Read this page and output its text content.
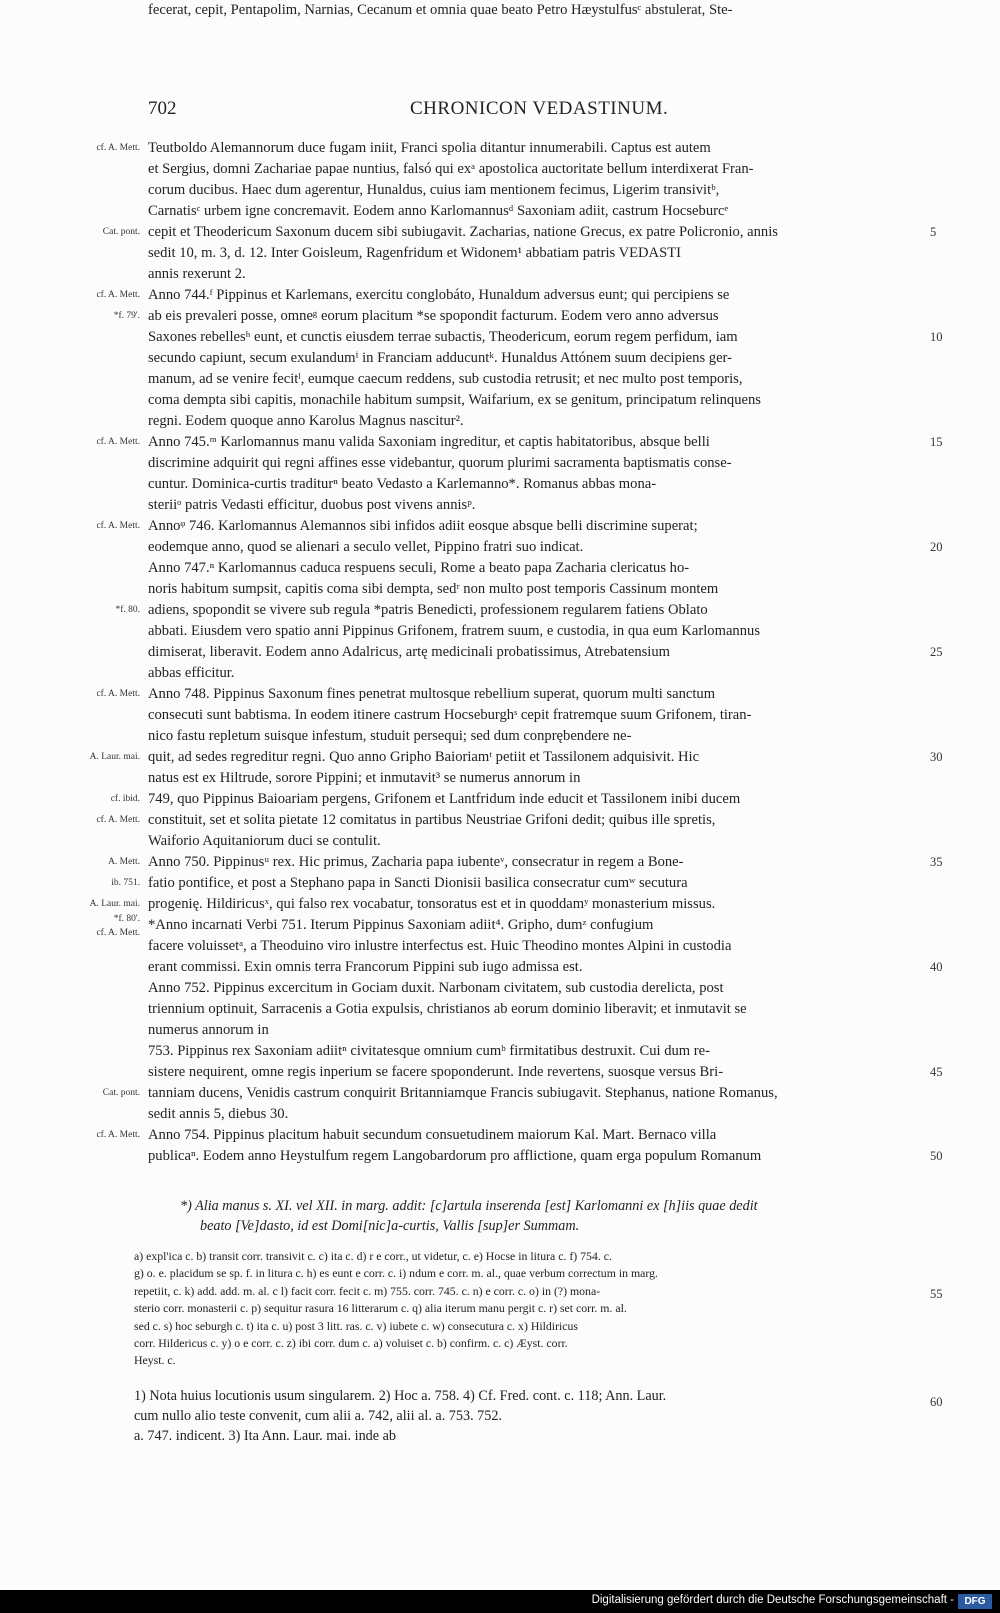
702	CHRONICON VEDASTINUM.
Teutboldo Alemannorum duce fugam iniit, Franci spolia ditantur innumerabili. Captus est autem
et Sergius, domni Zachariae papae nuntius, falsó qui exᵃ apostolica auctoritate bellum interdixerat Fran-
corum ducibus. Haec dum agerentur, Hunaldus, cuius iam mentionem fecimus, Ligerim transivitᵇ,
Carnatisᶜ urbem igne concremavit. Eodem anno Karlomannusᵈ Saxoniam adiit, castrum Hocseburcᵉ
cepit et Theodericum Saxonum ducem sibi subiugavit. Zacharias, natione Grecus, ex patre Policronio, annis
sedit 10, m. 3, d. 12. Inter Goisleum, Ragenfridum et Widonem¹ abbatiam patris VEDASTI
annis rexerunt 2.
Anno 744.ᶠ Pippinus et Karlemans, exercitu conglobáto, Hunaldum adversus eunt; qui percipiens se
ab eis prevaleri posse, omneᵍ eorum placitum *se spopondit facturum. Eodem vero anno adversus
Saxones rebellesʰ eunt, et cunctis eiusdem terrae subactis, Theodericum, eorum regem perfidum, iam
secundo capiunt, secum exulandumⁱ in Franciam adducuntᵏ. Hunaldus Attónem suum decipiens ger-
manum, ad se venire fecitˡ, eumque caecum reddens, sub custodia retrusit; et nec multo post temporis,
coma dempta sibi capitis, monachile habitum sumpsit, Waifarium, ex se genitum, principatum relinquens
regni. Eodem quoque anno Karolus Magnus nascitur².
Anno 745.ᵐ Karlomannus manu valida Saxoniam ingreditur, et captis habitatoribus, absque belli
discrimine adquirit qui regni affines esse videbantur, quorum plurimi sacramenta baptismatis conse-
cuntur. Dominica-curtis traditurⁿ beato Vedasto a Karlemanno*. Romanus abbas mona-
steriiᵒ patris Vedasti efficitur, duobus post vivens annisᵖ.
Annoᵠ 746. Karlomannus Alemannos sibi infidos adiit eosque absque belli discrimine superat;
eodemque anno, quod se alienari a seculo vellet, Pippino fratri suo indicat.
Anno 747.ⁿ Karlomannus caduca respuens seculi, Rome a beato papa Zacharia clericatus ho-
noris habitum sumpsit, capitis coma sibi dempta, sedʳ non multo post temporis Cassinum montem
adiens, spopondit se vivere sub regula *patris Benedicti, professionem regularem fatiens Oblato
abbati. Eiusdem vero spatio anni Pippinus Grifonem, fratrem suum, e custodia, in qua eum Karlomannus
dimiserat, liberavit. Eodem anno Adalricus, artę medicinali probatissimus, Atrebatensium
abbas efficitur.
Anno 748. Pippinus Saxonum fines penetrat multosque rebellium superat, quorum multi sanctum
consecuti sunt babtisma. In eodem itinere castrum Hocseburghˢ cepit fratremque suum Grifonem, tiran-
nico fastu repletum suisque infestum, studuit persequi; sed dum conprębendere ne-
quit, ad sedes regreditur regni. Quo anno Gripho Baioriamᵗ petiit et Tassilonem adquisivit. Hic
natus est ex Hiltrude, sorore Pippini; et inmutavit³ se numerus annorum in
749, quo Pippinus Baioariam pergens, Grifonem et Lantfridum inde educit et Tassilonem inibi ducem
constituit, set et solita pietate 12 comitatus in partibus Neustriae Grifoni dedit; quibus ille spretis,
Waiforio Aquitaniorum duci se contulit.
Anno 750. Pippinusᵘ rex. Hic primus, Zacharia papa iubenteᵛ, consecratur in regem a Bone-
fatio pontifice, et post a Stephano papa in Sancti Dionisii basilica consecratur cumʷ secutura
progenię. Hildiricusˣ, qui falso rex vocabatur, tonsoratus est et in quoddamʸ monasterium missus.
*Anno incarnati Verbi 751. Iterum Pippinus Saxoniam adiit⁴. Gripho, dumᶻ confugium
facere voluissetᵃ, a Theoduino viro inlustre interfectus est. Huic Theodino montes Alpini in custodia
erant commissi. Exin omnis terra Francorum Pippini sub iugo admissa est.
Anno 752. Pippinus excercitum in Gociam duxit. Narbonam civitatem, sub custodia derelicta, post
triennium optinuit, Sarracenis a Gotia expulsis, christianos ab eorum dominio liberavit; et inmutavit se
numerus annorum in
753. Pippinus rex Saxoniam adiitⁿ civitatesque omnium cumᵇ firmitatibus destruxit. Cui dum re-
sistere nequirent, omne regis inperium se facere spoponderunt. Inde revertens, suosque versus Bri-
tanniam ducens, Venidis castrum conquirit Britanniamque Francis subiugavit. Stephanus, natione Romanus,
sedit annis 5, diebus 30.
Anno 754. Pippinus placitum habuit secundum consuetudinem maiorum Kal. Mart. Bernaco villa
publicaⁿ. Eodem anno Heystulfum regem Langobardorum pro afflictione, quam erga populum Romanum
fecerat, cepit, Pentapolim, Narnias, Cecanum et omnia quae beato Petro Hæystulfusᶜ abstulerat, Ste-
cf. A. Mett.
Cat. pont.
cf. A. Mett.
*f. 79'.
cf. A. Mett.
cf. A. Mett.
*f. 80.
cf. A. Mett.
A. Laur. mai.
cf. ibid.
cf. A. Mett.
A. Mett.
ib. 751.
A. Laur. mai.
*f. 80'.
cf. A. Mett.
Cat. pont.
cf. A. Mett.
5
10
15
20
25
30
35
40
45
50
55
60
*) Alia manus s. XI. vel XII. in marg. addit: [c]artula inserenda [est] Karlomanni ex [h]iis quae dedit
beato [Ve]dasto, id est Domi[nic]a-curtis, Vallis [sup]er Summam.
a) expl'ica c. b) transit corr. transivit c. c) ita c. d) r e corr., ut videtur, c. e) Hocse in litura c. f) 754. c.
g) o. e. placidum se sp. f. in litura c. h) es eunt e corr. c. i) ndum e corr. m. al., quae verbum correctum in marg.
repetiit, c. k) add. add. m. al. c l) facit corr. fecit c. m) 755. corr. 745. c. n) e corr. c. o) in (?) mona-
sterio corr. monasterii c. p) sequitur rasura 16 litterarum c. q) alia iterum manu pergit c. r) set corr. m. al.
sed c. s) hoc seburgh c. t) ita c. u) post 3 litt. ras. c. v) iubete c. w) consecutura c. x) Hildiricus
corr. Hildericus c. y) o e corr. c. z) ibi corr. dum c. a) voluiset c. b) confirm. c. c) Æyst. corr.
Heyst. c.
1) Nota huius locutionis usum singularem. 2) Hoc a. 758. 4) Cf. Fred. cont. c. 118; Ann. Laur.
cum nullo alio teste convenit, cum alii a. 742, alii al. a. 753. 752.
a. 747. indicent. 3) Ita Ann. Laur. mai. inde ab
Digitalisierung gefördert durch die Deutsche Forschungsgemeinschaft -	DFG
